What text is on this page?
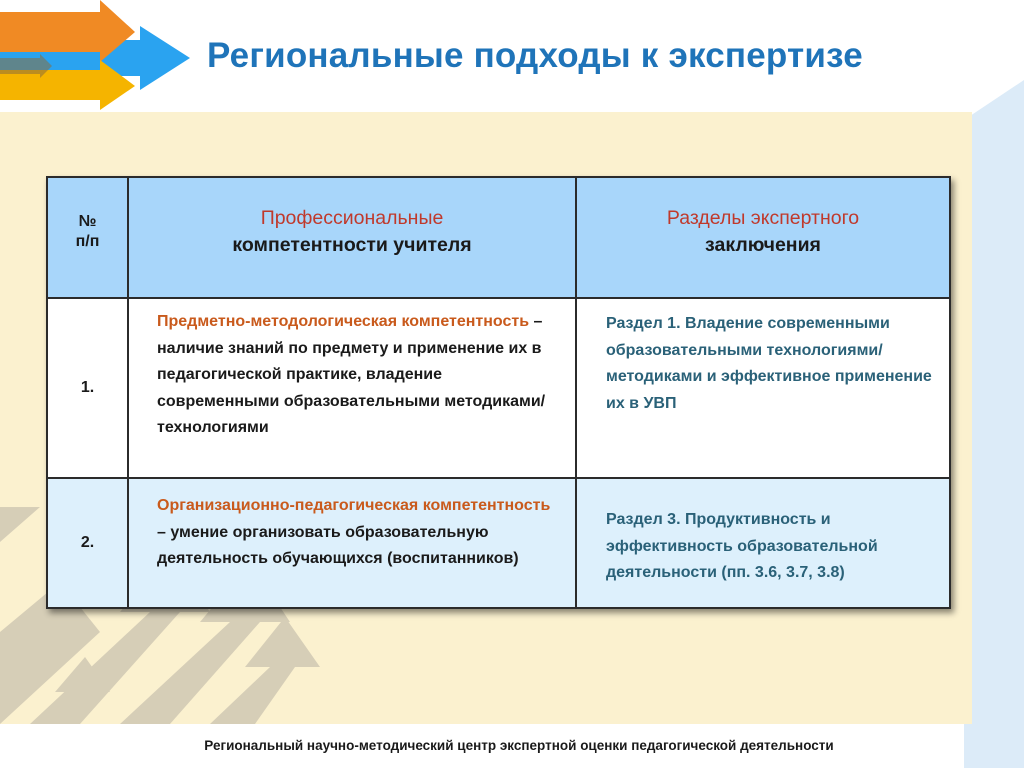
Региональные подходы к экспертизе
№
п/п
Профессиональные
компетентности учителя
Разделы экспертного
заключения
1.
Предметно-методологическая компетентность – наличие знаний по предмету и применение их в педагогической практике, владение современными образовательными методиками/технологиями
Раздел 1. Владение современными образовательными технологиями/методиками и эффективное применение их в УВП
2.
Организационно-педагогическая компетентность – умение организовать образовательную деятельность обучающихся (воспитанников)
Раздел 3. Продуктивность и эффективность образовательной деятельности (пп. 3.6, 3.7, 3.8)
Региональный научно-методический центр экспертной оценки педагогической деятельности
